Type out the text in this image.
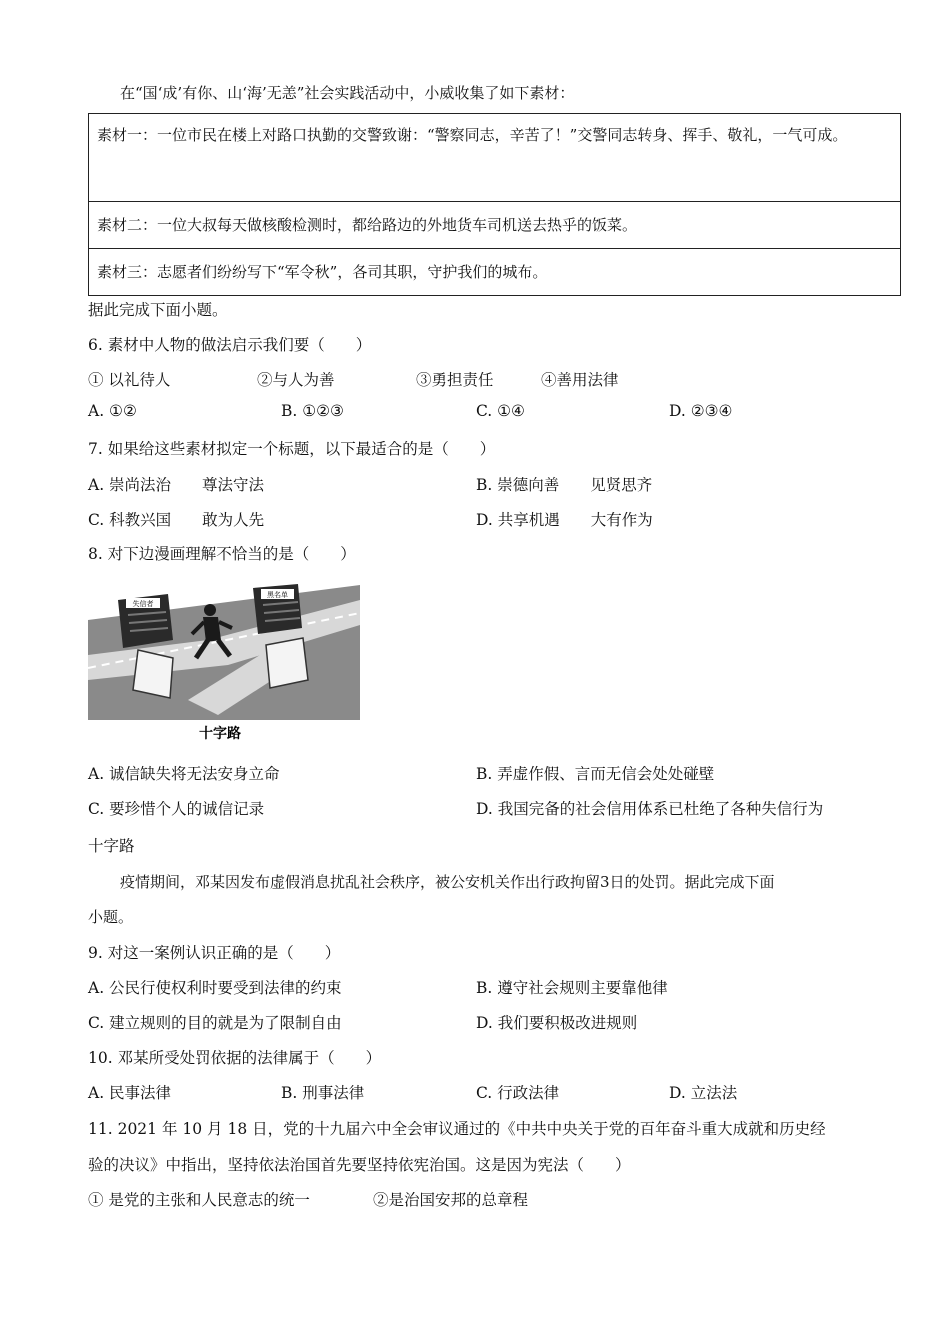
在“国‘成’有你、山‘海’无恙”社会实践活动中，小威收集了如下素材：
素材一：一位市民在楼上对路口执勤的交警致谢：“警察同志，辛苦了！”交警同志转身、挥手、敬礼，一气可成。
素材二：一位大叔每天做核酸检测时，都给路边的外地货车司机送去热乎的饭菜。
素材三：志愿者们纷纷写下“军令秋”，各司其职，守护我们的城布。
据此完成下面小题。
6. 素材中人物的做法启示我们要（　　）
① 以礼待人	②与人为善	③勇担责任	④善用法律
A. ①②	B. ①②③	C. ①④	D. ②③④
7. 如果给这些素材拟定一个标题，以下最适合的是（　　）
A. 崇尚法治　　尊法守法	B. 崇德向善　　见贤思齐
C. 科教兴国　　敢为人先	D. 共享机遇　　大有作为
8. 对下边漫画理解不恰当的是（　　）
失信者
黑名单
十字路
A. 诚信缺失将无法安身立命	B. 弄虚作假、言而无信会处处碰壁
C. 要珍惜个人的诚信记录	D. 我国完备的社会信用体系已杜绝了各种失信行为
十字路
疫情期间，邓某因发布虚假消息扰乱社会秩序，被公安机关作出行政拘留3日的处罚。据此完成下面
小题。
9. 对这一案例认识正确的是（　　）
A. 公民行使权利时要受到法律的约束	B. 遵守社会规则主要靠他律
C. 建立规则的目的就是为了限制自由	D. 我们要积极改进规则
10. 邓某所受处罚依据的法律属于（　　）
A. 民事法律	B. 刑事法律	C. 行政法律	D. 立法法
11. 2021 年 10 月 18 日，党的十九届六中全会审议通过的《中共中央关于党的百年奋斗重大成就和历史经
验的决议》中指出，坚持依法治国首先要坚持依宪治国。这是因为宪法（　　）
① 是党的主张和人民意志的统一	②是治国安邦的总章程
